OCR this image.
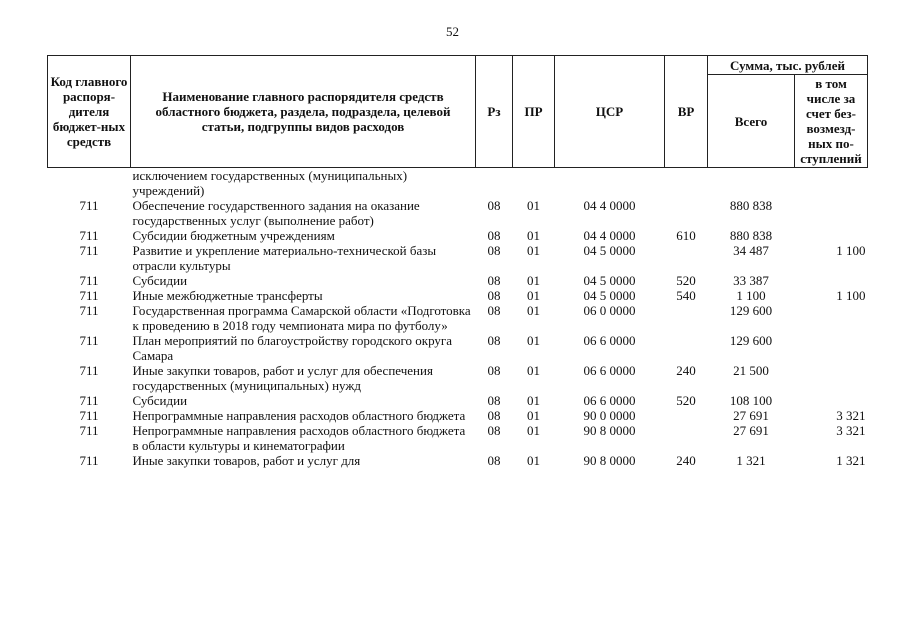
52
Код главного распоря-дителя бюджет-ных средств	Наименование главного распорядителя средств областного бюджета, раздела, подраздела, целевой статьи, подгруппы видов расходов	Рз	ПР	ЦСР	ВР	Сумма, тыс. рублей	
						Всего	в том числе за счет без-возмезд-ных по-ступлений
	исключением государственных (муниципальных) учреждений)						
711	Обеспечение государственного задания на оказание государственных услуг (выполнение работ)	08	01	04 4 0000		880 838	
711	Субсидии бюджетным учреждениям	08	01	04 4 0000	610	880 838	
711	Развитие и укрепление материально-технической базы отрасли культуры	08	01	04 5 0000		34 487	1 100
711	Субсидии	08	01	04 5 0000	520	33 387	
711	Иные межбюджетные трансферты	08	01	04 5 0000	540	1 100	1 100
711	Государственная программа Самарской области «Подготовка к проведению в 2018 году чемпионата мира по футболу»	08	01	06 0 0000		129 600	
711	План мероприятий по благоустройству городского округа Самара	08	01	06 6 0000		129 600	
711	Иные закупки товаров, работ и услуг для обеспечения государственных (муниципальных) нужд	08	01	06 6 0000	240	21 500	
711	Субсидии	08	01	06 6 0000	520	108 100	
711	Непрограммные направления расходов областного бюджета	08	01	90 0 0000		27 691	3 321
711	Непрограммные направления расходов областного бюджета в области культуры и кинематографии	08	01	90 8 0000		27 691	3 321
711	Иные закупки товаров, работ и услуг для	08	01	90 8 0000	240	1 321	1 321
